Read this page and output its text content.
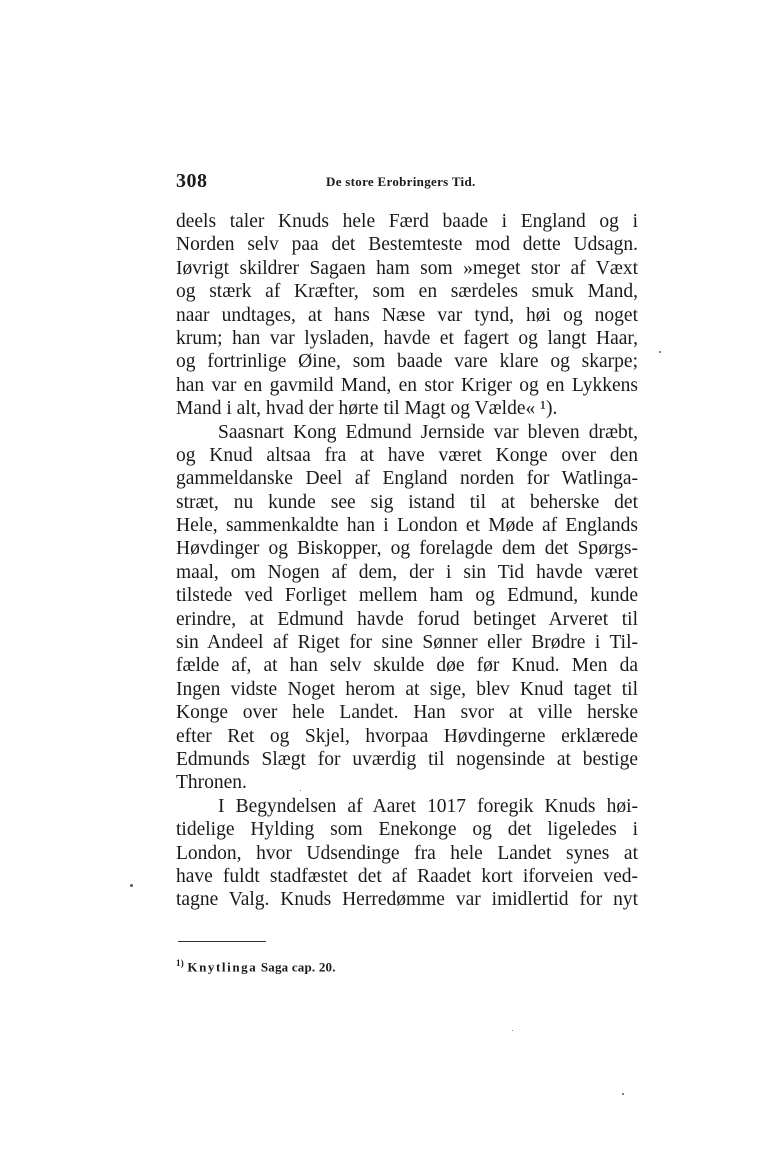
308	De store Erobringers Tid.
deels taler Knuds hele Færd baade i England og i
Norden selv paa det Bestemteste mod dette Udsagn.
Iøvrigt skildrer Sagaen ham som »meget stor af Væxt
og stærk af Kræfter, som en særdeles smuk Mand,
naar undtages, at hans Næse var tynd, høi og noget
krum; han var lysladen, havde et fagert og langt Haar,
og fortrinlige Øine, som baade vare klare og skarpe;
han var en gavmild Mand, en stor Kriger og en Lykkens
Mand i alt, hvad der hørte til Magt og Vælde« ¹).
Saasnart Kong Edmund Jernside var bleven dræbt,
og Knud altsaa fra at have været Konge over den
gammeldanske Deel af England norden for Watlinga-
stræt, nu kunde see sig istand til at beherske det
Hele, sammenkaldte han i London et Møde af Englands
Høvdinger og Biskopper, og forelagde dem det Spørgs-
maal, om Nogen af dem, der i sin Tid havde været
tilstede ved Forliget mellem ham og Edmund, kunde
erindre, at Edmund havde forud betinget Arveret til
sin Andeel af Riget for sine Sønner eller Brødre i Til-
fælde af, at han selv skulde døe før Knud. Men da
Ingen vidste Noget herom at sige, blev Knud taget til
Konge over hele Landet. Han svor at ville herske
efter Ret og Skjel, hvorpaa Høvdingerne erklærede
Edmunds Slægt for uværdig til nogensinde at bestige
Thronen.
I Begyndelsen af Aaret 1017 foregik Knuds høi-
tidelige Hylding som Enekonge og det ligeledes i
London, hvor Udsendinge fra hele Landet synes at
have fuldt stadfæstet det af Raadet kort iforveien ved-
tagne Valg. Knuds Herredømme var imidlertid for nyt
$^{1)}$ Knytlinga Saga cap. 20.
